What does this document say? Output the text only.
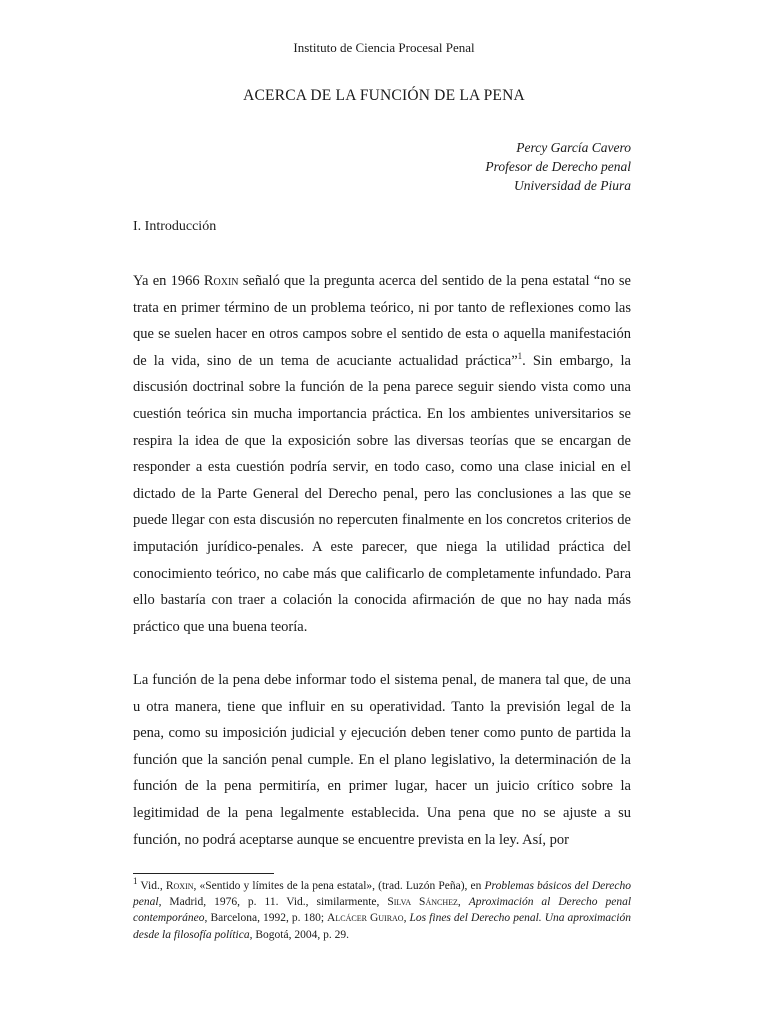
Instituto de Ciencia Procesal Penal
ACERCA DE LA FUNCIÓN DE LA PENA
Percy García Cavero
Profesor de Derecho penal
Universidad de Piura
I. Introducción
Ya en 1966 Roxin señaló que la pregunta acerca del sentido de la pena estatal “no se trata en primer término de un problema teórico, ni por tanto de reflexiones como las que se suelen hacer en otros campos sobre el sentido de esta o aquella manifestación de la vida, sino de un tema de acuciante actualidad práctica”$^1$. Sin embargo, la discusión doctrinal sobre la función de la pena parece seguir siendo vista como una cuestión teórica sin mucha importancia práctica. En los ambientes universitarios se respira la idea de que la exposición sobre las diversas teorías que se encargan de responder a esta cuestión podría servir, en todo caso, como una clase inicial en el dictado de la Parte General del Derecho penal, pero las conclusiones a las que se puede llegar con esta discusión no repercuten finalmente en los concretos criterios de imputación jurídico-penales. A este parecer, que niega la utilidad práctica del conocimiento teórico, no cabe más que calificarlo de completamente infundado. Para ello bastaría con traer a colación la conocida afirmación de que no hay nada más práctico que una buena teoría.
La función de la pena debe informar todo el sistema penal, de manera tal que, de una u otra manera, tiene que influir en su operatividad. Tanto la previsión legal de la pena, como su imposición judicial y ejecución deben tener como punto de partida la función que la sanción penal cumple. En el plano legislativo, la determinación de la función de la pena permitiría, en primer lugar, hacer un juicio crítico sobre la legitimidad de la pena legalmente establecida. Una pena que no se ajuste a su función, no podrá aceptarse aunque se encuentre prevista en la ley. Así, por
$^1$ Vid., Roxin, «Sentido y límites de la pena estatal», (trad. Luzón Peña), en Problemas básicos del Derecho penal, Madrid, 1976, p. 11. Vid., similarmente, Silva Sánchez, Aproximación al Derecho penal contemporáneo, Barcelona, 1992, p. 180; Alcácer Guirao, Los fines del Derecho penal. Una aproximación desde la filosofía política, Bogotá, 2004, p. 29.
